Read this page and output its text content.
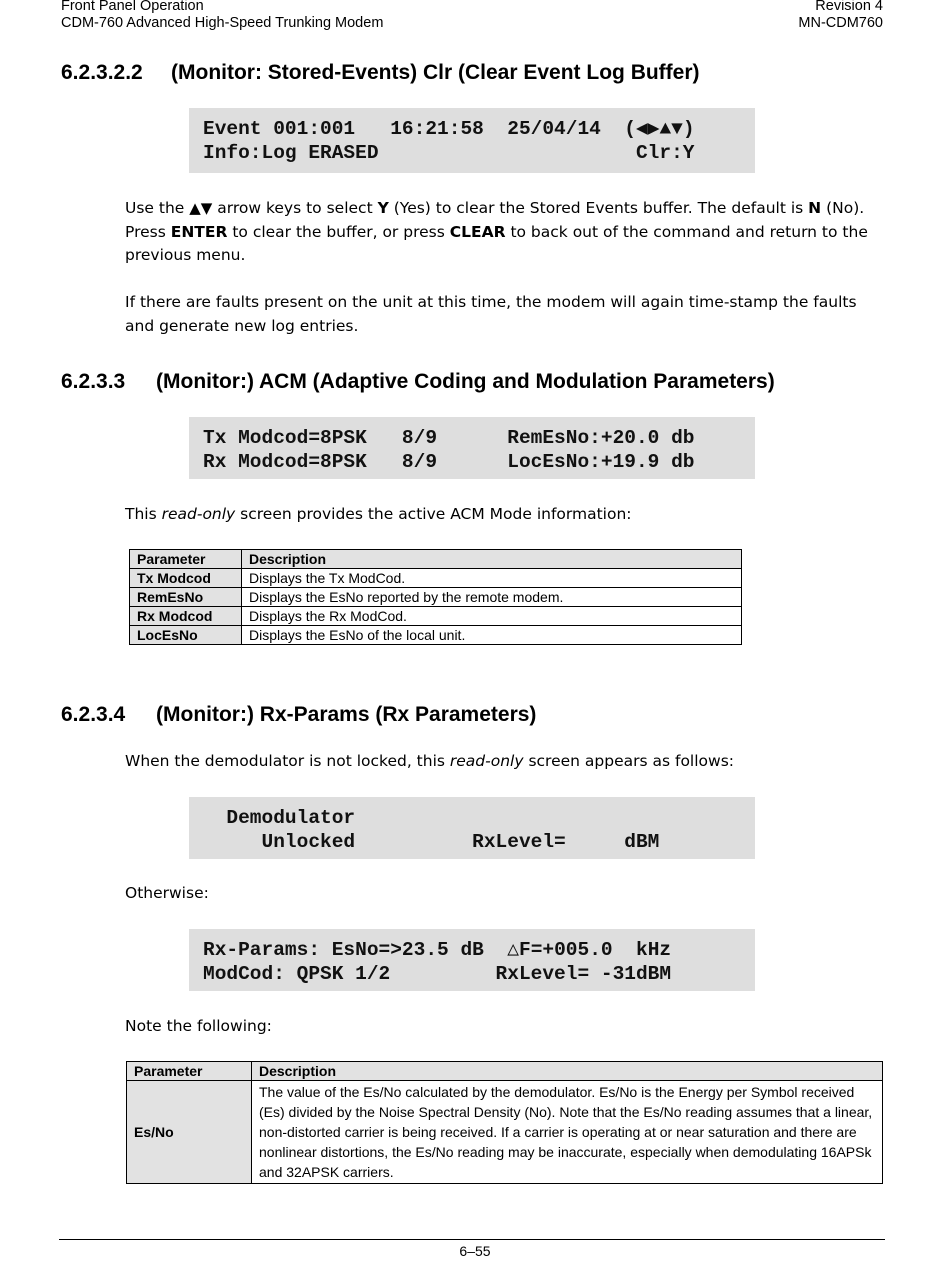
Front Panel Operation
CDM-760 Advanced High-Speed Trunking Modem
Revision 4
MN-CDM760
6.2.3.2.2 (Monitor: Stored-Events) Clr (Clear Event Log Buffer)
Event 001:001   16:21:58  25/04/14  (◀▶▲▼)
Info:Log ERASED                      Clr:Y
Use the ▲▼ arrow keys to select Y (Yes) to clear the Stored Events buffer. The default is N (No). Press ENTER to clear the buffer, or press CLEAR to back out of the command and return to the previous menu.
If there are faults present on the unit at this time, the modem will again time-stamp the faults and generate new log entries.
6.2.3.3 (Monitor:) ACM (Adaptive Coding and Modulation Parameters)
Tx Modcod=8PSK   8/9      RemEsNo:+20.0 db
Rx Modcod=8PSK   8/9      LocEsNo:+19.9 db
This read-only screen provides the active ACM Mode information:
Parameter	Description
Tx Modcod	Displays the Tx ModCod.
RemEsNo	Displays the EsNo reported by the remote modem.
Rx Modcod	Displays the Rx ModCod.
LocEsNo	Displays the EsNo of the local unit.
6.2.3.4 (Monitor:) Rx-Params (Rx Parameters)
When the demodulator is not locked, this read-only screen appears as follows:
Demodulator
Unlocked          RxLevel=     dBM
Otherwise:
Rx-Params: EsNo=>23.5 dB  △F=+005.0  kHz
ModCod: QPSK 1/2         RxLevel= -31dBM
Note the following:
Parameter	Description
Es/No	The value of the Es/No calculated by the demodulator. Es/No is the Energy per Symbol received (Es) divided by the Noise Spectral Density (No). Note that the Es/No reading assumes that a linear, non-distorted carrier is being received. If a carrier is operating at or near saturation and there are nonlinear distortions, the Es/No reading may be inaccurate, especially when demodulating 16APSk and 32APSK carriers.
6–55
